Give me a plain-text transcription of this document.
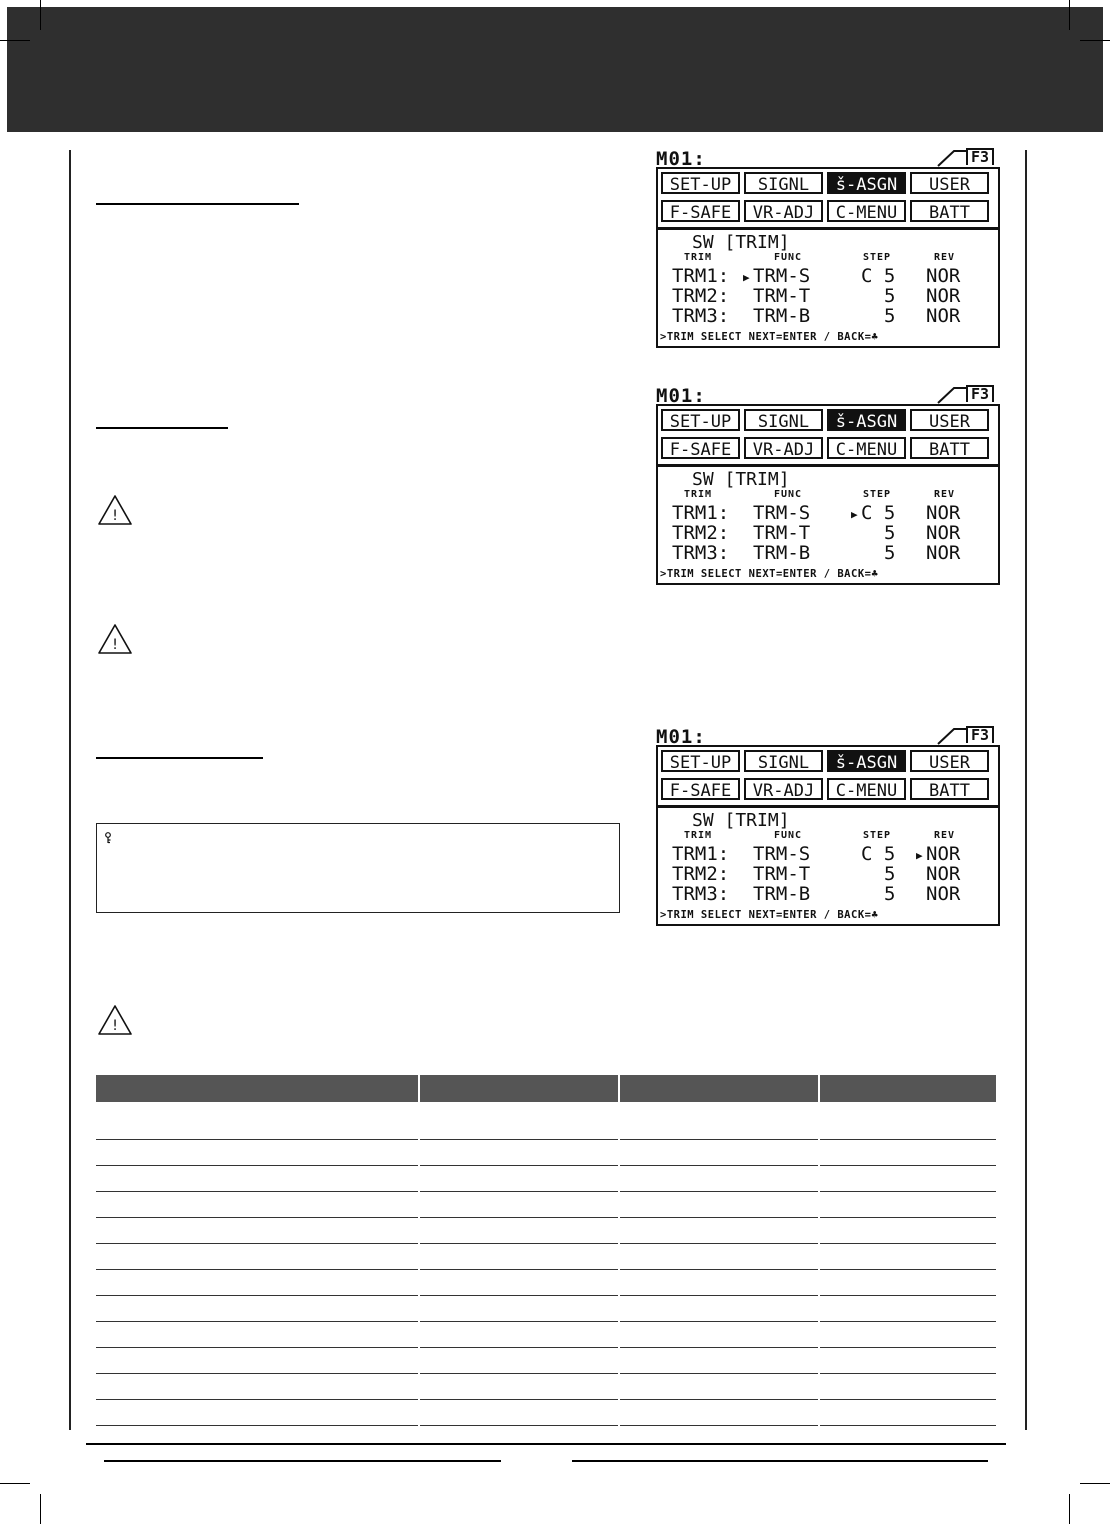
!
!
!
M01:	F3
SET-UP	SIGNL	š-ASGN	USER
F-SAFE	VR-ADJ	C-MENU	BATT
SW [TRIM]
TRIM	FUNC	STEP	REV
TRM1: ▶ TRM-S	C 5 NOR
TRM2: TRM-T	5 NOR
TRM3: TRM-B	5 NOR
>TRIM SELECT NEXT=ENTER / BACK=♣
M01:	F3
SET-UP	SIGNL	š-ASGN	USER
F-SAFE	VR-ADJ	C-MENU	BATT
SW [TRIM]
TRIM	FUNC	STEP	REV
TRM1: TRM-S	▶ C 5 NOR
TRM2: TRM-T	5 NOR
TRM3: TRM-B	5 NOR
>TRIM SELECT NEXT=ENTER / BACK=♣
M01:	F3
SET-UP	SIGNL	š-ASGN	USER
F-SAFE	VR-ADJ	C-MENU	BATT
SW [TRIM]
TRIM	FUNC	STEP	REV
TRM1: TRM-S	C 5 ▶ NOR
TRM2: TRM-T	5 NOR
TRM3: TRM-B	5 NOR
>TRIM SELECT NEXT=ENTER / BACK=♣
